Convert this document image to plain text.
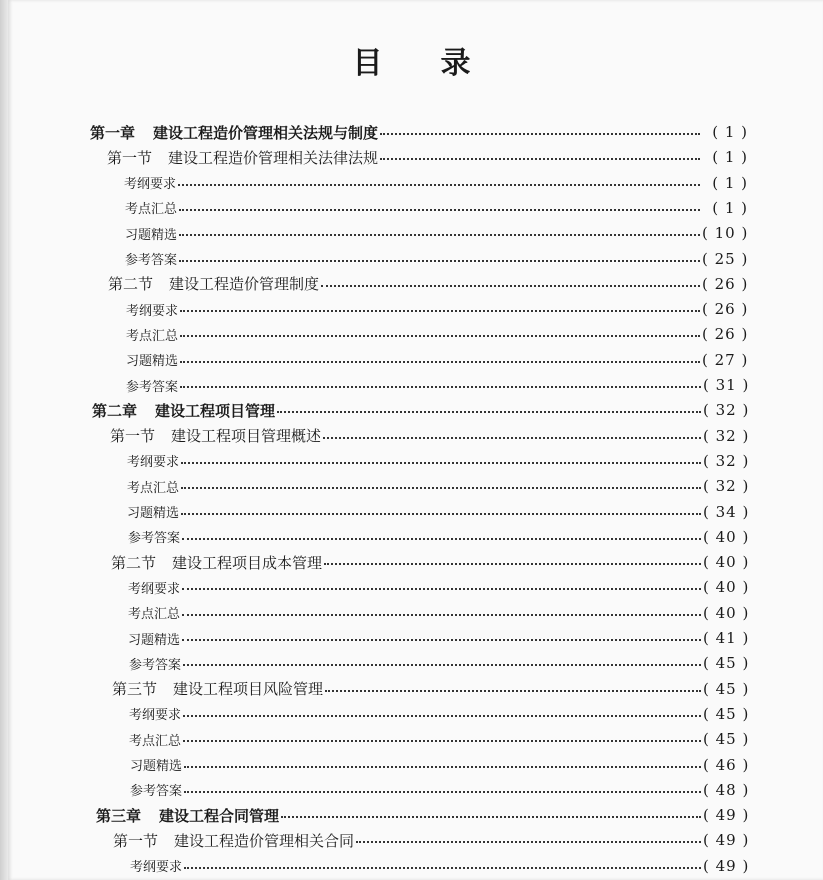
目 录
第一章 建设工程造价管理相关法规与制度	( 1 )
第一节 建设工程造价管理相关法律法规	( 1 )
考纲要求	( 1 )
考点汇总	( 1 )
习题精选	( 10 )
参考答案	( 25 )
第二节 建设工程造价管理制度	( 26 )
考纲要求	( 26 )
考点汇总	( 26 )
习题精选	( 27 )
参考答案	( 31 )
第二章 建设工程项目管理	( 32 )
第一节 建设工程项目管理概述	( 32 )
考纲要求	( 32 )
考点汇总	( 32 )
习题精选	( 34 )
参考答案	( 40 )
第二节 建设工程项目成本管理	( 40 )
考纲要求	( 40 )
考点汇总	( 40 )
习题精选	( 41 )
参考答案	( 45 )
第三节 建设工程项目风险管理	( 45 )
考纲要求	( 45 )
考点汇总	( 45 )
习题精选	( 46 )
参考答案	( 48 )
第三章 建设工程合同管理	( 49 )
第一节 建设工程造价管理相关合同	( 49 )
考纲要求	( 49 )
